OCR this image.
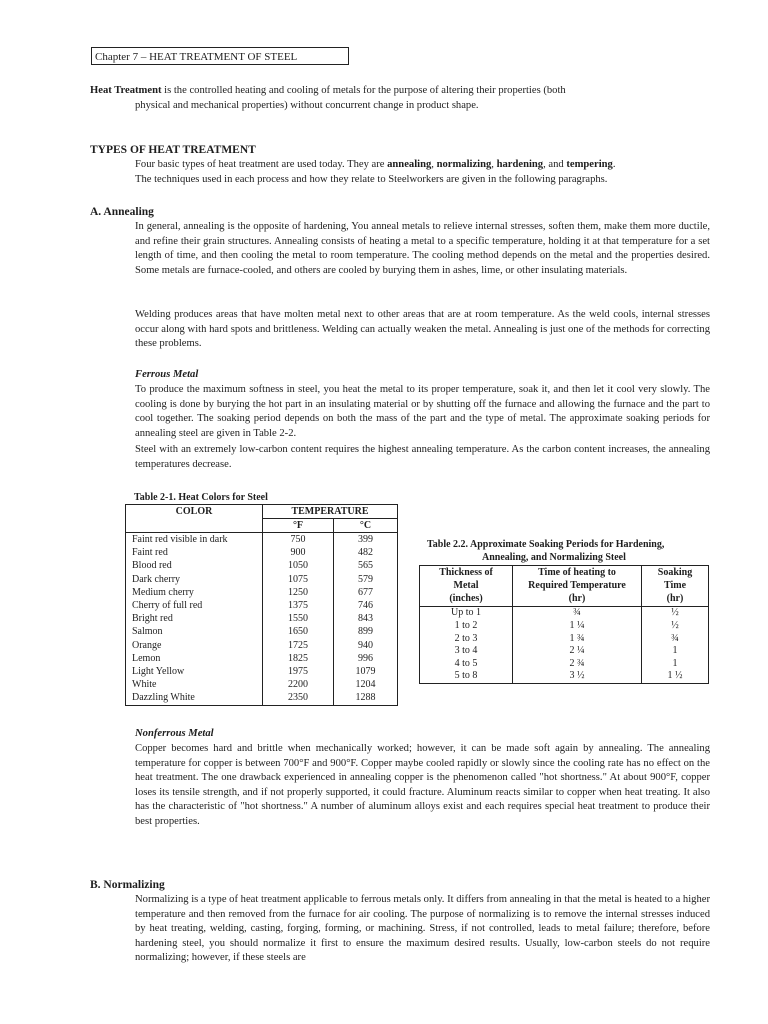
Chapter 7 – HEAT TREATMENT OF STEEL
Heat Treatment is the controlled heating and cooling of metals for the purpose of altering their properties (both
physical and mechanical properties) without concurrent change in product shape.
TYPES OF HEAT TREATMENT
Four basic types of heat treatment are used today. They are annealing, normalizing, hardening, and tempering.
The techniques used in each process and how they relate to Steelworkers are given in the following paragraphs.
A. Annealing

In general, annealing is the opposite of hardening, You anneal metals to relieve internal stresses, soften them, make them more ductile, and refine their grain structures. Annealing consists of heating a metal to a specific temperature, holding it at that temperature for a set length of time, and then cooling the metal to room temperature. The cooling method depends on the metal and the properties desired. Some metals are furnace-cooled, and others are cooled by burying them in ashes, lime, or other insulating materials.

Welding produces areas that have molten metal next to other areas that are at room temperature. As the weld cools, internal stresses occur along with hard spots and brittleness. Welding can actually weaken the metal. Annealing is just one of the methods for correcting these problems.

Ferrous Metal

To produce the maximum softness in steel, you heat the metal to its proper temperature, soak it, and then let it cool very slowly. The cooling is done by burying the hot part in an insulating material or by shutting off the furnace and allowing the furnace and the part to cool together. The soaking period depends on both the mass of the part and the type of metal. The approximate soaking periods for annealing steel are given in Table 2-2.

Steel with an extremely low-carbon content requires the highest annealing temperature. As the carbon content increases, the annealing temperatures decrease.

Table 2-1. Heat Colors for Steel
COLOR	TEMPERATURE	
	°F	°C
Faint red visible in dark	750	399
Faint red	900	482
Blood red	1050	565
Dark cherry	1075	579
Medium cherry	1250	677
Cherry of full red	1375	746
Bright red	1550	843
Salmon	1650	899
Orange	1725	940
Lemon	1825	996
Light Yellow	1975	1079
White	2200	1204
Dazzling White	2350	1288
Table 2.2. Approximate Soaking Periods for Hardening,
Annealing, and Normalizing Steel
Thickness of
Metal
(inches)	Time of heating to
Required Temperature
(hr)	Soaking
Time
(hr)
Up to 1	¾	½
1 to 2	1 ¼	½
2 to 3	1 ¾	¾
3 to 4	2 ¼	1
4 to 5	2 ¾	1
5 to 8	3 ½	1 ½
Nonferrous Metal

Copper becomes hard and brittle when mechanically worked; however, it can be made soft again by annealing. The annealing temperature for copper is between 700°F and 900°F. Copper maybe cooled rapidly or slowly since the cooling rate has no effect on the heat treatment. The one drawback experienced in annealing copper is the phenomenon called "hot shortness." At about 900°F, copper loses its tensile strength, and if not properly supported, it could fracture. Aluminum reacts similar to copper when heat treating. It also has the characteristic of "hot shortness." A number of aluminum alloys exist and each requires special heat treatment to produce their best properties.

B. Normalizing

Normalizing is a type of heat treatment applicable to ferrous metals only. It differs from annealing in that the metal is heated to a higher temperature and then removed from the furnace for air cooling. The purpose of normalizing is to remove the internal stresses induced by heat treating, welding, casting, forging, forming, or machining. Stress, if not controlled, leads to metal failure; therefore, before hardening steel, you should normalize it first to ensure the maximum desired results. Usually, low-carbon steels do not require normalizing; however, if these steels are
